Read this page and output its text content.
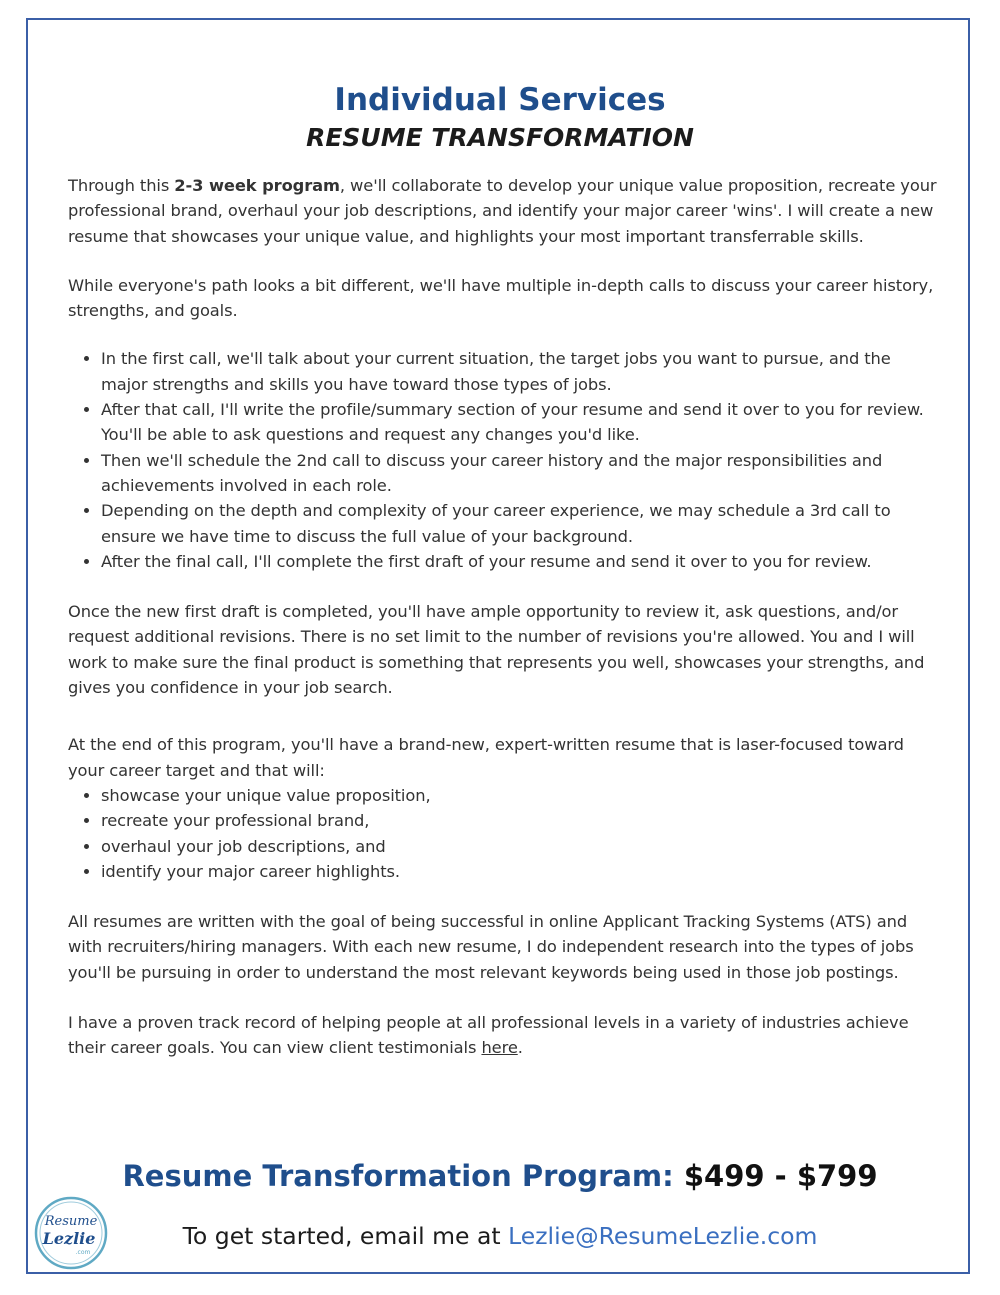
Individual Services
RESUME TRANSFORMATION

Through this 2-3 week program, we'll collaborate to develop your unique value proposition, recreate your professional brand, overhaul your job descriptions, and identify your major career 'wins'. I will create a new resume that showcases your unique value, and highlights your most important transferrable skills.

While everyone's path looks a bit different, we'll have multiple in-depth calls to discuss your career history, strengths, and goals.

• In the first call, we'll talk about your current situation, the target jobs you want to pursue, and the major strengths and skills you have toward those types of jobs.
• After that call, I'll write the profile/summary section of your resume and send it over to you for review. You'll be able to ask questions and request any changes you'd like.
• Then we'll schedule the 2nd call to discuss your career history and the major responsibilities and achievements involved in each role.
• Depending on the depth and complexity of your career experience, we may schedule a 3rd call to ensure we have time to discuss the full value of your background.
• After the final call, I'll complete the first draft of your resume and send it over to you for review.

Once the new first draft is completed, you'll have ample opportunity to review it, ask questions, and/or request additional revisions. There is no set limit to the number of revisions you're allowed. You and I will work to make sure the final product is something that represents you well, showcases your strengths, and gives you confidence in your job search.

At the end of this program, you'll have a brand-new, expert-written resume that is laser-focused toward your career target and that will:

• showcase your unique value proposition,
• recreate your professional brand,
• overhaul your job descriptions, and
• identify your major career highlights.

All resumes are written with the goal of being successful in online Applicant Tracking Systems (ATS) and with recruiters/hiring managers. With each new resume, I do independent research into the types of jobs you'll be pursuing in order to understand the most relevant keywords being used in those job postings.

I have a proven track record of helping people at all professional levels in a variety of industries achieve their career goals. You can view client testimonials here.

Resume Transformation Program: $499 - $799
To get started, email me at Lezlie@ResumeLezlie.com
Resume
Lezlie
.com
